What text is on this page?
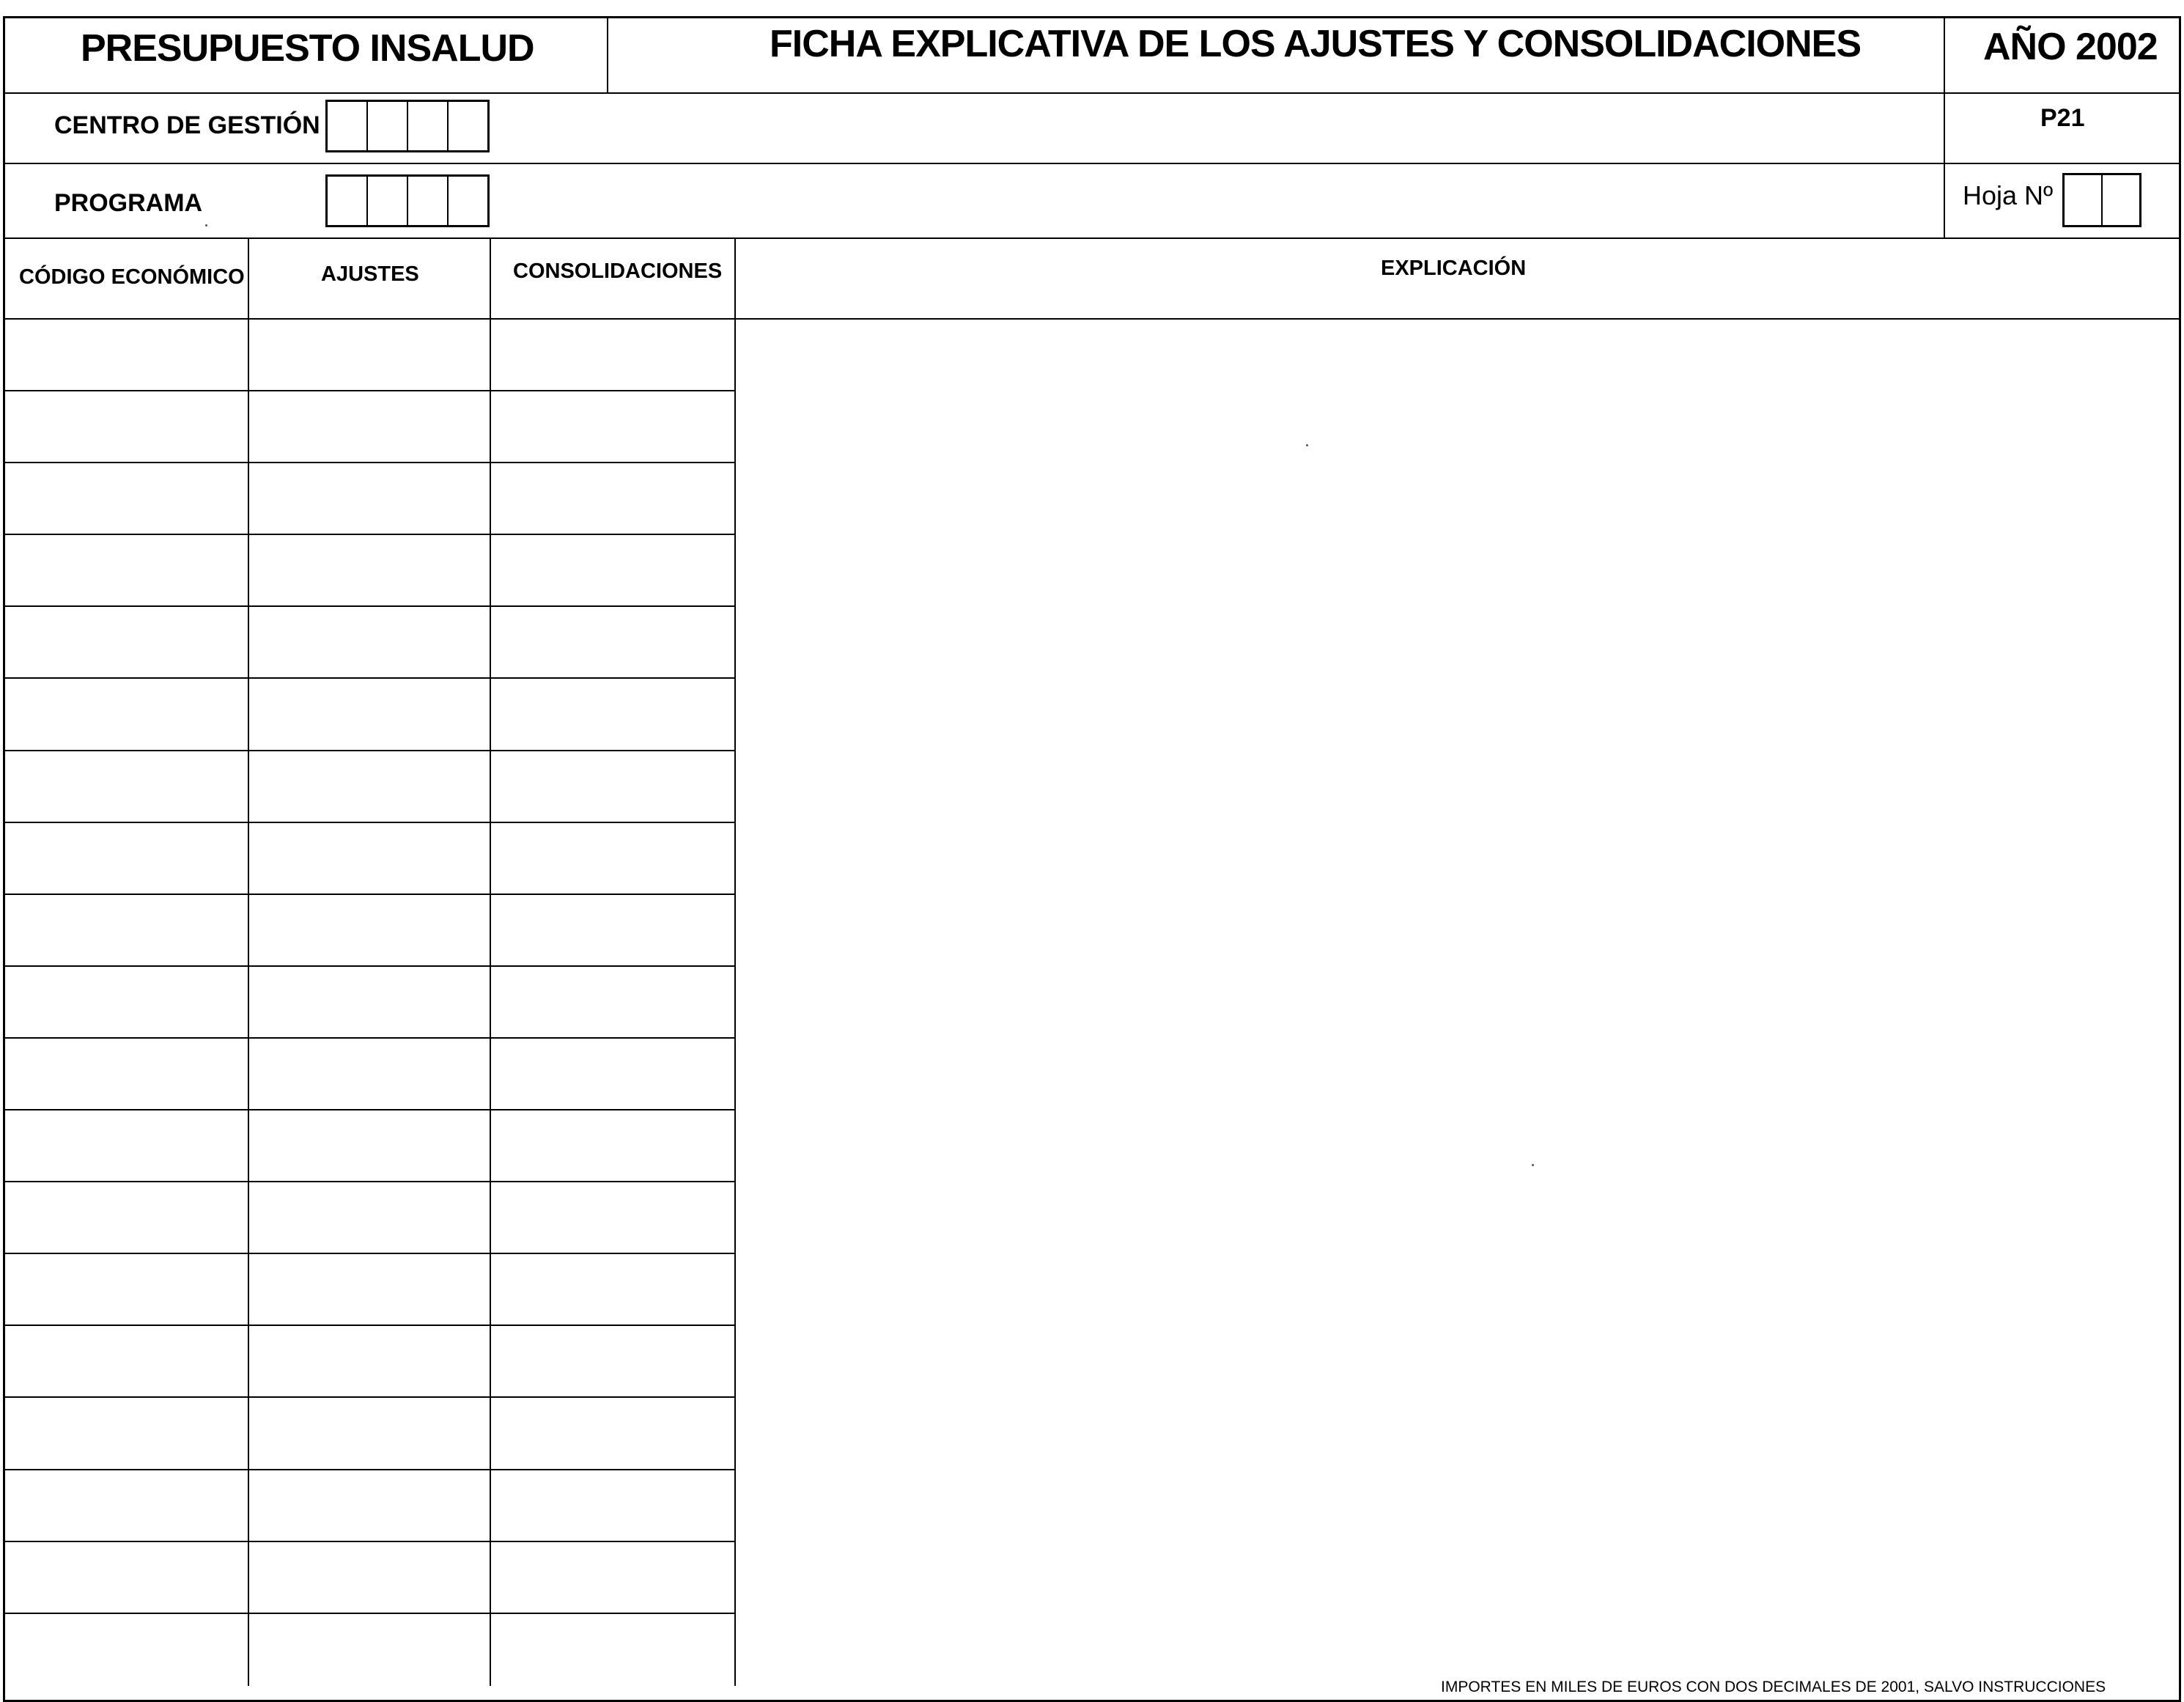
PRESUPUESTO INSALUD	FICHA EXPLICATIVA DE LOS AJUSTES Y CONSOLIDACIONES	AÑO 2002
CENTRO DE GESTIÓN	P21
PROGRAMA	Hoja Nº
CÓDIGO ECONÓMICO	AJUSTES	CONSOLIDACIONES	EXPLICACIÓN
IMPORTES EN MILES DE EUROS CON DOS DECIMALES DE 2001, SALVO INSTRUCCIONES
